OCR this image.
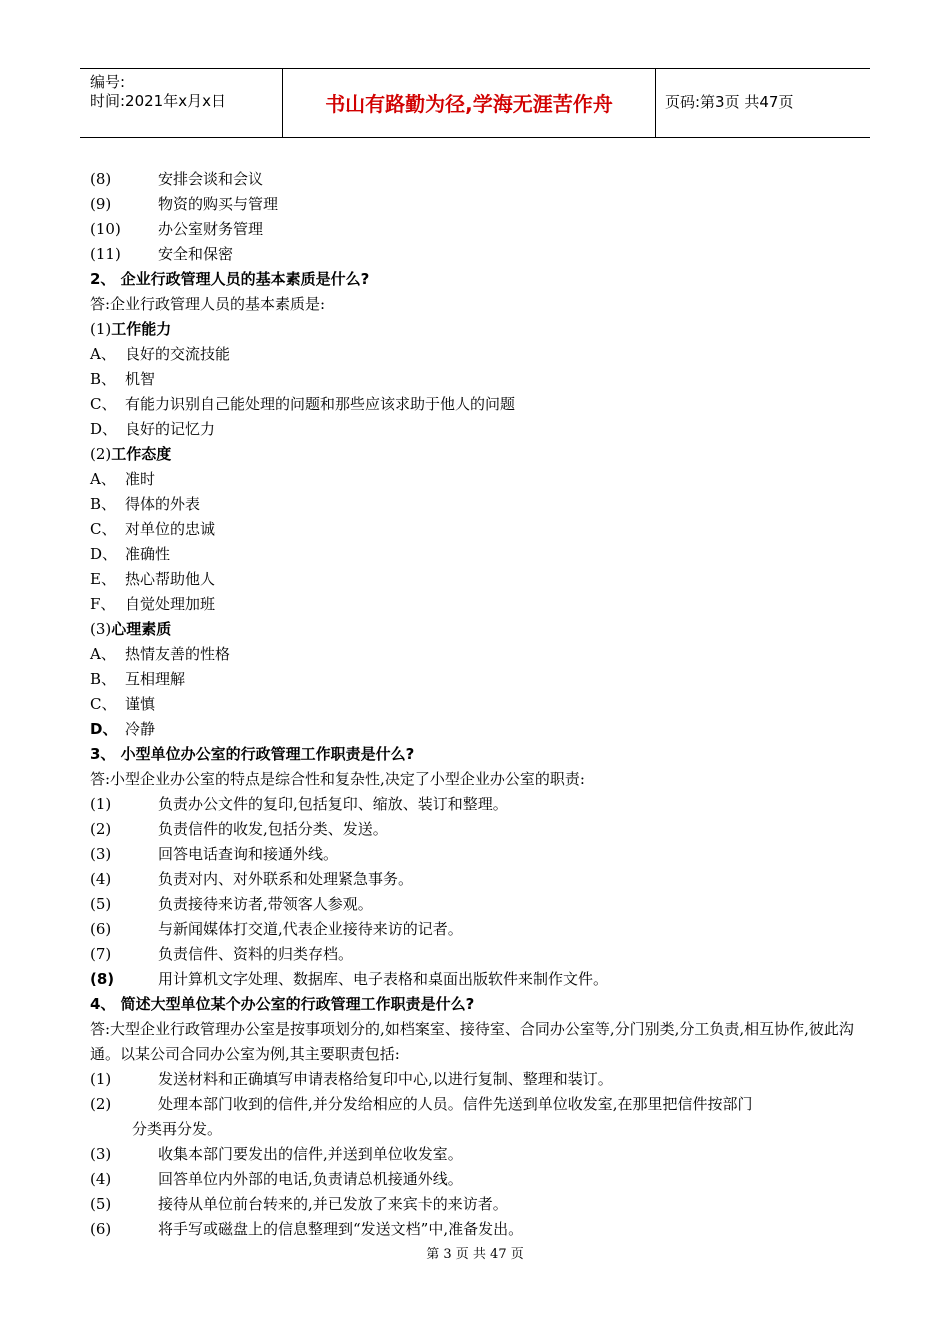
编号:
时间:2021年x月x日	书山有路勤为径,学海无涯苦作舟	页码:第3页 共47页
(8)	安排会谈和会议
(9)	物资的购买与管理
(10) 办公室财务管理
(11) 安全和保密
2、 企业行政管理人员的基本素质是什么?
答:企业行政管理人员的基本素质是:
(1)工作能力
A、 良好的交流技能
B、 机智
C、 有能力识别自己能处理的问题和那些应该求助于他人的问题
D、 良好的记忆力
(2)工作态度
A、 准时
B、 得体的外表
C、 对单位的忠诚
D、 准确性
E、 热心帮助他人
F、 自觉处理加班
(3)心理素质
A、 热情友善的性格
B、 互相理解
C、 谨慎
D、 冷静
3、 小型单位办公室的行政管理工作职责是什么?
答:小型企业办公室的特点是综合性和复杂性,决定了小型企业办公室的职责:
(1)	负责办公文件的复印,包括复印、缩放、装订和整理。
(2)	负责信件的收发,包括分类、发送。
(3)	回答电话查询和接通外线。
(4)	负责对内、对外联系和处理紧急事务。
(5)	负责接待来访者,带领客人参观。
(6)	与新闻媒体打交道,代表企业接待来访的记者。
(7)	负责信件、资料的归类存档。
(8)	用计算机文字处理、数据库、电子表格和桌面出版软件来制作文件。
4、 简述大型单位某个办公室的行政管理工作职责是什么?
答:大型企业行政管理办公室是按事项划分的,如档案室、接待室、合同办公室等,分门别类,分工负责,相互协作,彼此沟通。以某公司合同办公室为例,其主要职责包括:
(1)	发送材料和正确填写申请表格给复印中心,以进行复制、整理和装订。
(2)	处理本部门收到的信件,并分发给相应的人员。信件先送到单位收发室,在那里把信件按部门
分类再分发。
(3)	收集本部门要发出的信件,并送到单位收发室。
(4)	回答单位内外部的电话,负责请总机接通外线。
(5)	接待从单位前台转来的,并已发放了来宾卡的来访者。
(6)	将手写或磁盘上的信息整理到“发送文档”中,准备发出。
第 3 页 共 47 页
